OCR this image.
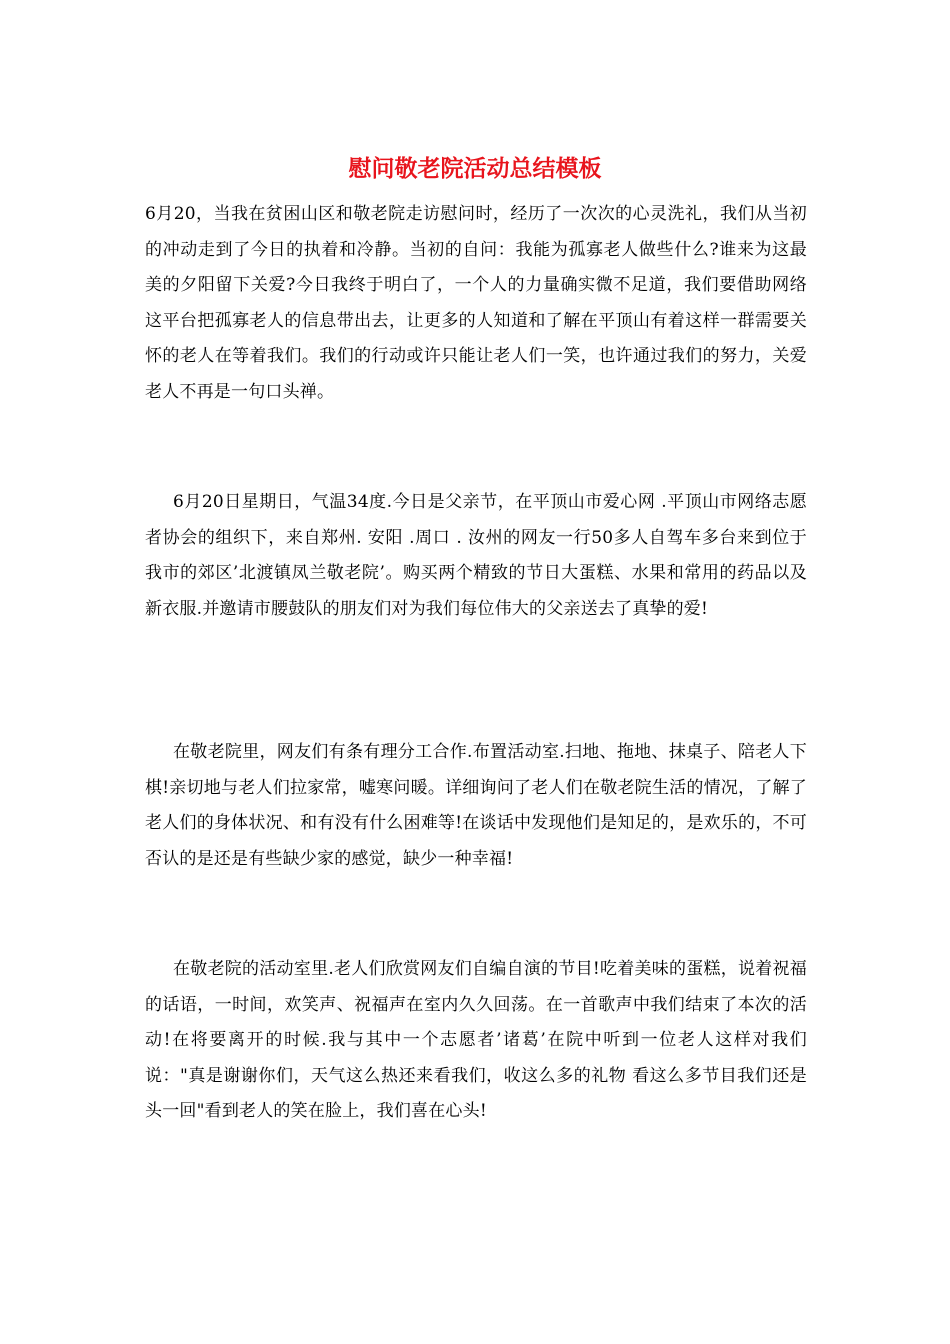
慰问敬老院活动总结模板

6月20，当我在贫困山区和敬老院走访慰问时，经历了一次次的心灵洗礼，我们从当初的冲动走到了今日的执着和冷静。当初的自问：我能为孤寡老人做些什么?谁来为这最美的夕阳留下关爱?今日我终于明白了，一个人的力量确实微不足道，我们要借助网络这平台把孤寡老人的信息带出去，让更多的人知道和了解在平顶山有着这样一群需要关怀的老人在等着我们。我们的行动或许只能让老人们一笑，也许通过我们的努力，关爱老人不再是一句口头禅。

6月20日星期日，气温34度.今日是父亲节，在平顶山市爱心网 .平顶山市网络志愿者协会的组织下，来自郑州. 安阳 .周口 . 汝州的网友一行50多人自驾车多台来到位于我市的郊区’北渡镇凤兰敬老院’。购买两个精致的节日大蛋糕、水果和常用的药品以及新衣服.并邀请市腰鼓队的朋友们对为我们每位伟大的父亲送去了真挚的爱!

在敬老院里，网友们有条有理分工合作.布置活动室.扫地、拖地、抹桌子、陪老人下棋!亲切地与老人们拉家常，嘘寒问暖。详细询问了老人们在敬老院生活的情况，了解了老人们的身体状况、和有没有什么困难等!在谈话中发现他们是知足的，是欢乐的，不可否认的是还是有些缺少家的感觉，缺少一种幸福!

在敬老院的活动室里.老人们欣赏网友们自编自演的节目!吃着美味的蛋糕，说着祝福的话语，一时间，欢笑声、祝福声在室内久久回荡。在一首歌声中我们结束了本次的活动!在将要离开的时候.我与其中一个志愿者’诸葛’在院中听到一位老人这样对我们说："真是谢谢你们，天气这么热还来看我们，收这么多的礼物 看这么多节目我们还是头一回"看到老人的笑在脸上，我们喜在心头!
